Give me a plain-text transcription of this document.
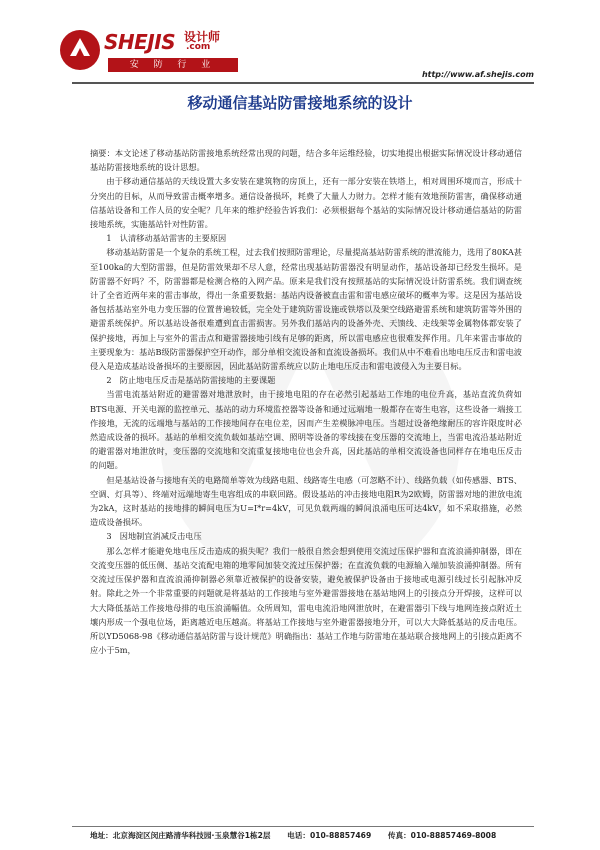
SHEJIS 设计师
.com
安 防 行 业
http://www.af.shejis.com
移动通信基站防雷接地系统的设计

摘要：本文论述了移动基站防雷接地系统经常出现的问题，结合多年运维经验，切实地提出根据实际情况设计移动通信基站防雷接地系统的设计思想。

由于移动通信基站的天线设置大多安装在建筑物的房顶上，还有一部分安装在铁塔上，相对周围环境而言，形成十分突出的目标，从而导致雷击概率增多。通信设备损坏，耗费了大量人力财力。怎样才能有效地预防雷害，确保移动通信基站设备和工作人员的安全呢？几年来的维护经验告诉我们：必须根据每个基站的实际情况设计移动通信基站的防雷接地系统，实施基站针对性防雷。

1　认清移动基站雷害的主要原因

移动基站防雷是一个复杂的系统工程，过去我们按照防雷理论，尽量提高基站防雷系统的泄流能力，选用了80KA甚至100ka的大型防雷器，但是防雷效果却不尽人意，经常出现基站防雷器没有明显动作，基站设备却已经发生损坏。是防雷器不好吗？不，防雷器都是检测合格的入网产品。原来是我们没有按照基站的实际情况设计防雷系统。我们调查统计了全省近两年来的雷击事故，得出一条重要数据：基站内设备被直击雷和雷电感应破坏的概率为零。这是因为基站设备包括基站室外电力变压器的位置普遍较低，完全处于建筑防雷设施或铁塔以及架空线路避雷系统和建筑防雷等外围的避雷系统保护。所以基站设备很难遭到直击雷损害。另外我们基站内的设备外壳、天馈线、走线架等金属物体都安装了保护接地，再加上与室外的雷击点和避雷器接地引线有足够的距离，所以雷电感应也很难发挥作用。几年来雷击事故的主要现象为：基站B级防雷器保护空开动作，部分单相交流设备和直流设备损坏。我们从中不难看出地电压反击和雷电波侵入是造成基站设备损坏的主要原因，因此基站防雷系统应以防止地电压反击和雷电波侵入为主要目标。

2　防止地电压反击是基站防雷接地的主要课题

当雷电流基站附近的避雷器对地泄放时，由于接地电阻的存在必然引起基站工作地的电位升高，基站直流负荷如BTS电源、开关电源的监控单元、基站的动力环境监控器等设备和通过远端地一般都存在寄生电容，这些设备一端接工作接地，无流的远端地与基站的工作接地间存在电位差，因而产生差模脉冲电压。当超过设备绝缘耐压的容许限度时必然造成设备的损坏。基站的单相交流负载如基站空调、照明等设备的零线接在变压器的交流地上，当雷电流沿基站附近的避雷器对地泄放时，变压器的交流地和交流重复接地电位也会升高，因此基站的单相交流设备也同样存在地电压反击的问题。

但是基站设备与接地有关的电路简单等效为线路电阻、线路寄生电感（可忽略不计）、线路负载（如传感器、BTS、空调、灯具等）、终端对远端地寄生电容组成的串联回路。假设基站的冲击接地电阻R为2欧姆，防雷器对地的泄放电流为2kA，这时基站的接地排的瞬间电压为U=I*r=4kV，可见负载两端的瞬间浪涌电压可达4kV，如不采取措施，必然造成设备损坏。

3　因地制宜消减反击电压

那么怎样才能避免地电压反击造成的损失呢？我们一般很自然会想到使用交流过压保护器和直流浪涌抑制器，即在交流变压器的低压侧、基站交流配电箱的地零间加装交流过压保护器；在直流负载的电源输入端加装浪涌抑制器。所有交流过压保护器和直流浪涌抑制器必须靠近被保护的设备安装，避免被保护设备由于接地或电源引线过长引起脉冲反射。除此之外一个非常重要的问题就是将基站的工作接地与室外避雷器接地在基站地网上的引接点分开焊接，这样可以大大降低基站工作接地母排的电压浪涌幅值。众所周知，雷电电流沿地网泄放时，在避雷器引下线与地网连接点附近土壤内形成一个强电位场，距离越近电压越高。将基站工作接地与室外避雷器接地分开，可以大大降低基站的反击电压。所以YD5068-98《移动通信基站防雷与设计规范》明确指出：基站工作地与防雷地在基站联合接地网上的引接点距离不应小于5m，

地址：北京海淀区闵庄路清华科技园·玉泉慧谷1栋2层 电话：010-88857469 传真：010-88857469-8008
